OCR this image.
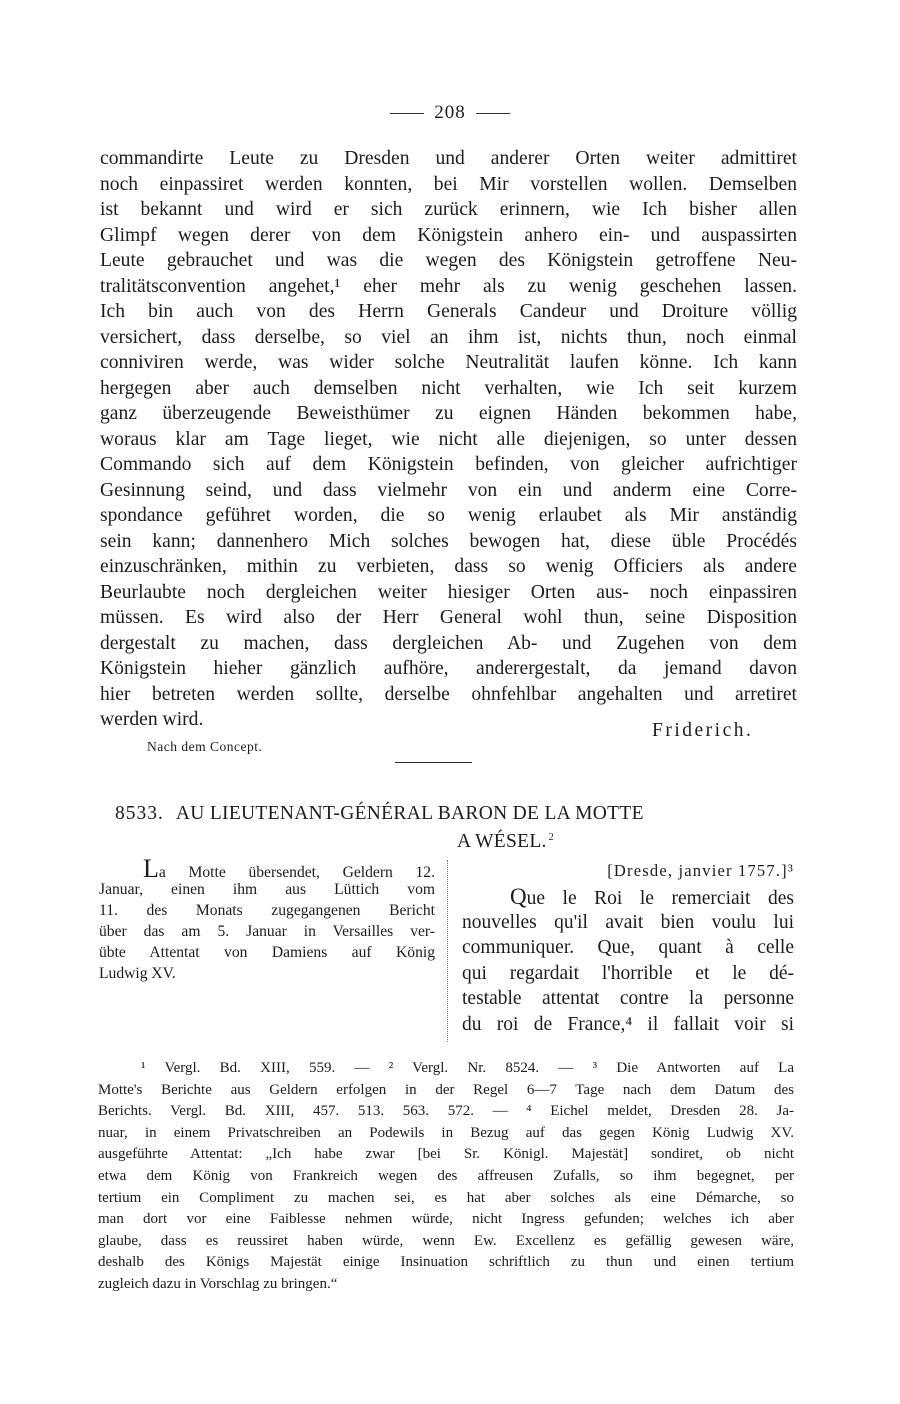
208
commandirte Leute zu Dresden und anderer Orten weiter admittiret
noch einpassiret werden konnten, bei Mir vorstellen wollen. Demselben
ist bekannt und wird er sich zurück erinnern, wie Ich bisher allen
Glimpf wegen derer von dem Königstein anhero ein- und auspassirten
Leute gebrauchet und was die wegen des Königstein getroffene Neu-
tralitätsconvention angehet,¹ eher mehr als zu wenig geschehen lassen.
Ich bin auch von des Herrn Generals Candeur und Droiture völlig
versichert, dass derselbe, so viel an ihm ist, nichts thun, noch einmal
conniviren werde, was wider solche Neutralität laufen könne. Ich kann
hergegen aber auch demselben nicht verhalten, wie Ich seit kurzem
ganz überzeugende Beweisthümer zu eignen Händen bekommen habe,
woraus klar am Tage lieget, wie nicht alle diejenigen, so unter dessen
Commando sich auf dem Königstein befinden, von gleicher aufrichtiger
Gesinnung seind, und dass vielmehr von ein und anderm eine Corre-
spondance geführet worden, die so wenig erlaubet als Mir anständig
sein kann; dannenhero Mich solches bewogen hat, diese üble Procédés
einzuschränken, mithin zu verbieten, dass so wenig Officiers als andere
Beurlaubte noch dergleichen weiter hiesiger Orten aus- noch einpassiren
müssen. Es wird also der Herr General wohl thun, seine Disposition
dergestalt zu machen, dass dergleichen Ab- und Zugehen von dem
Königstein hieher gänzlich aufhöre, anderergestalt, da jemand davon
hier betreten werden sollte, derselbe ohnfehlbar angehalten und arretiret
werden wird.
Friderich.
Nach dem Concept.
8533. AU LIEUTENANT-GÉNÉRAL BARON DE LA MOTTE
A WÉSEL. $^2$
La Motte übersendet, Geldern 12.
Januar, einen ihm aus Lüttich vom
11. des Monats zugegangenen Bericht
über das am 5. Januar in Versailles ver-
übte Attentat von Damiens auf König
Ludwig XV.
[Dresde, janvier 1757.]³
Que le Roi le remerciait des
nouvelles qu'il avait bien voulu lui
communiquer. Que, quant à celle
qui regardait l'horrible et le dé-
testable attentat contre la personne
du roi de France,⁴ il fallait voir si
¹ Vergl. Bd. XIII, 559. — ² Vergl. Nr. 8524. — ³ Die Antworten auf La
Motte's Berichte aus Geldern erfolgen in der Regel 6—7 Tage nach dem Datum des
Berichts. Vergl. Bd. XIII, 457. 513. 563. 572. — ⁴ Eichel meldet, Dresden 28. Ja-
nuar, in einem Privatschreiben an Podewils in Bezug auf das gegen König Ludwig XV.
ausgeführte Attentat: „Ich habe zwar [bei Sr. Königl. Majestät] sondiret, ob nicht
etwa dem König von Frankreich wegen des affreusen Zufalls, so ihm begegnet, per
tertium ein Compliment zu machen sei, es hat aber solches als eine Démarche, so
man dort vor eine Faiblesse nehmen würde, nicht Ingress gefunden; welches ich aber
glaube, dass es reussiret haben würde, wenn Ew. Excellenz es gefällig gewesen wäre,
deshalb des Königs Majestät einige Insinuation schriftlich zu thun und einen tertium
zugleich dazu in Vorschlag zu bringen.“
